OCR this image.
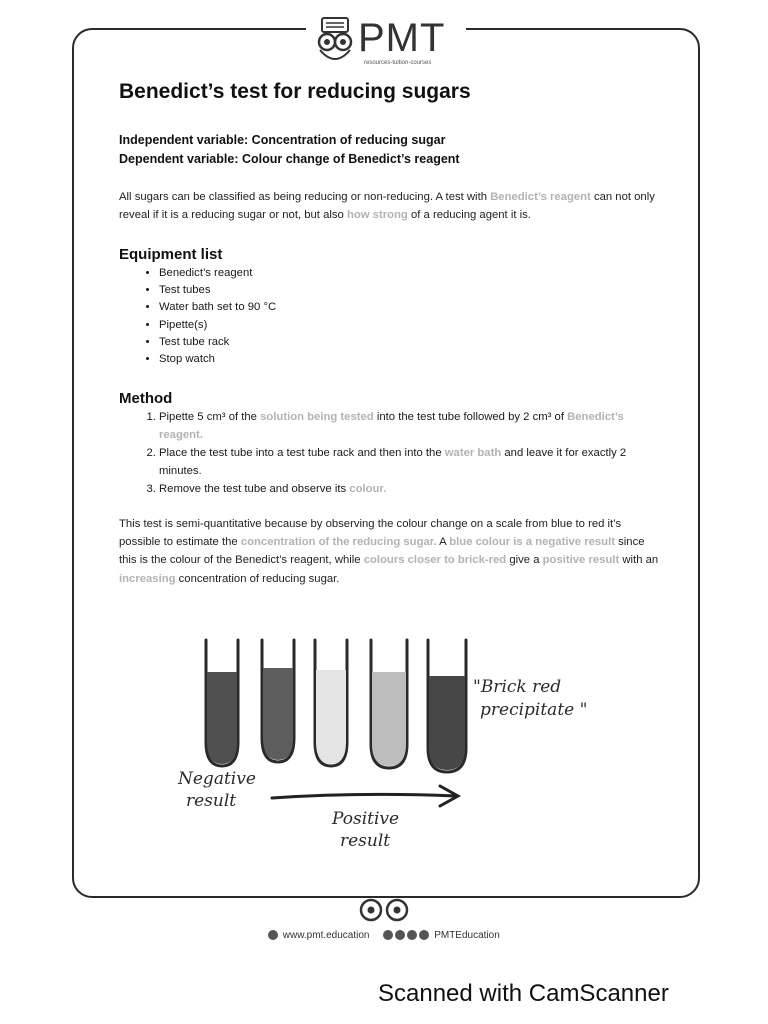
PMT
resources-tuition-courses
Benedict’s test for reducing sugars
Independent variable: Concentration of reducing sugar
Dependent variable: Colour change of Benedict’s reagent
All sugars can be classified as being reducing or non-reducing. A test with Benedict’s reagent can not only reveal if it is a reducing sugar or not, but also how strong of a reducing agent it is.
Equipment list
• Benedict’s reagent
• Test tubes
• Water bath set to 90 °C
• Pipette(s)
• Test tube rack
• Stop watch
Method
1. Pipette 5 cm³ of the solution being tested into the test tube followed by 2 cm³ of Benedict’s reagent.
2. Place the test tube into a test tube rack and then into the water bath and leave it for exactly 2 minutes.
3. Remove the test tube and observe its colour.
This test is semi-quantitative because by observing the colour change on a scale from blue to red it’s possible to estimate the concentration of the reducing sugar. A blue colour is a negative result since this is the colour of the Benedict’s reagent, while colours closer to brick-red give a positive result with an increasing concentration of reducing sugar.
"Brick red
precipitate "
Negative
result
Positive
result
www.pmt.education	PMTEducation
Scanned with CamScanner
